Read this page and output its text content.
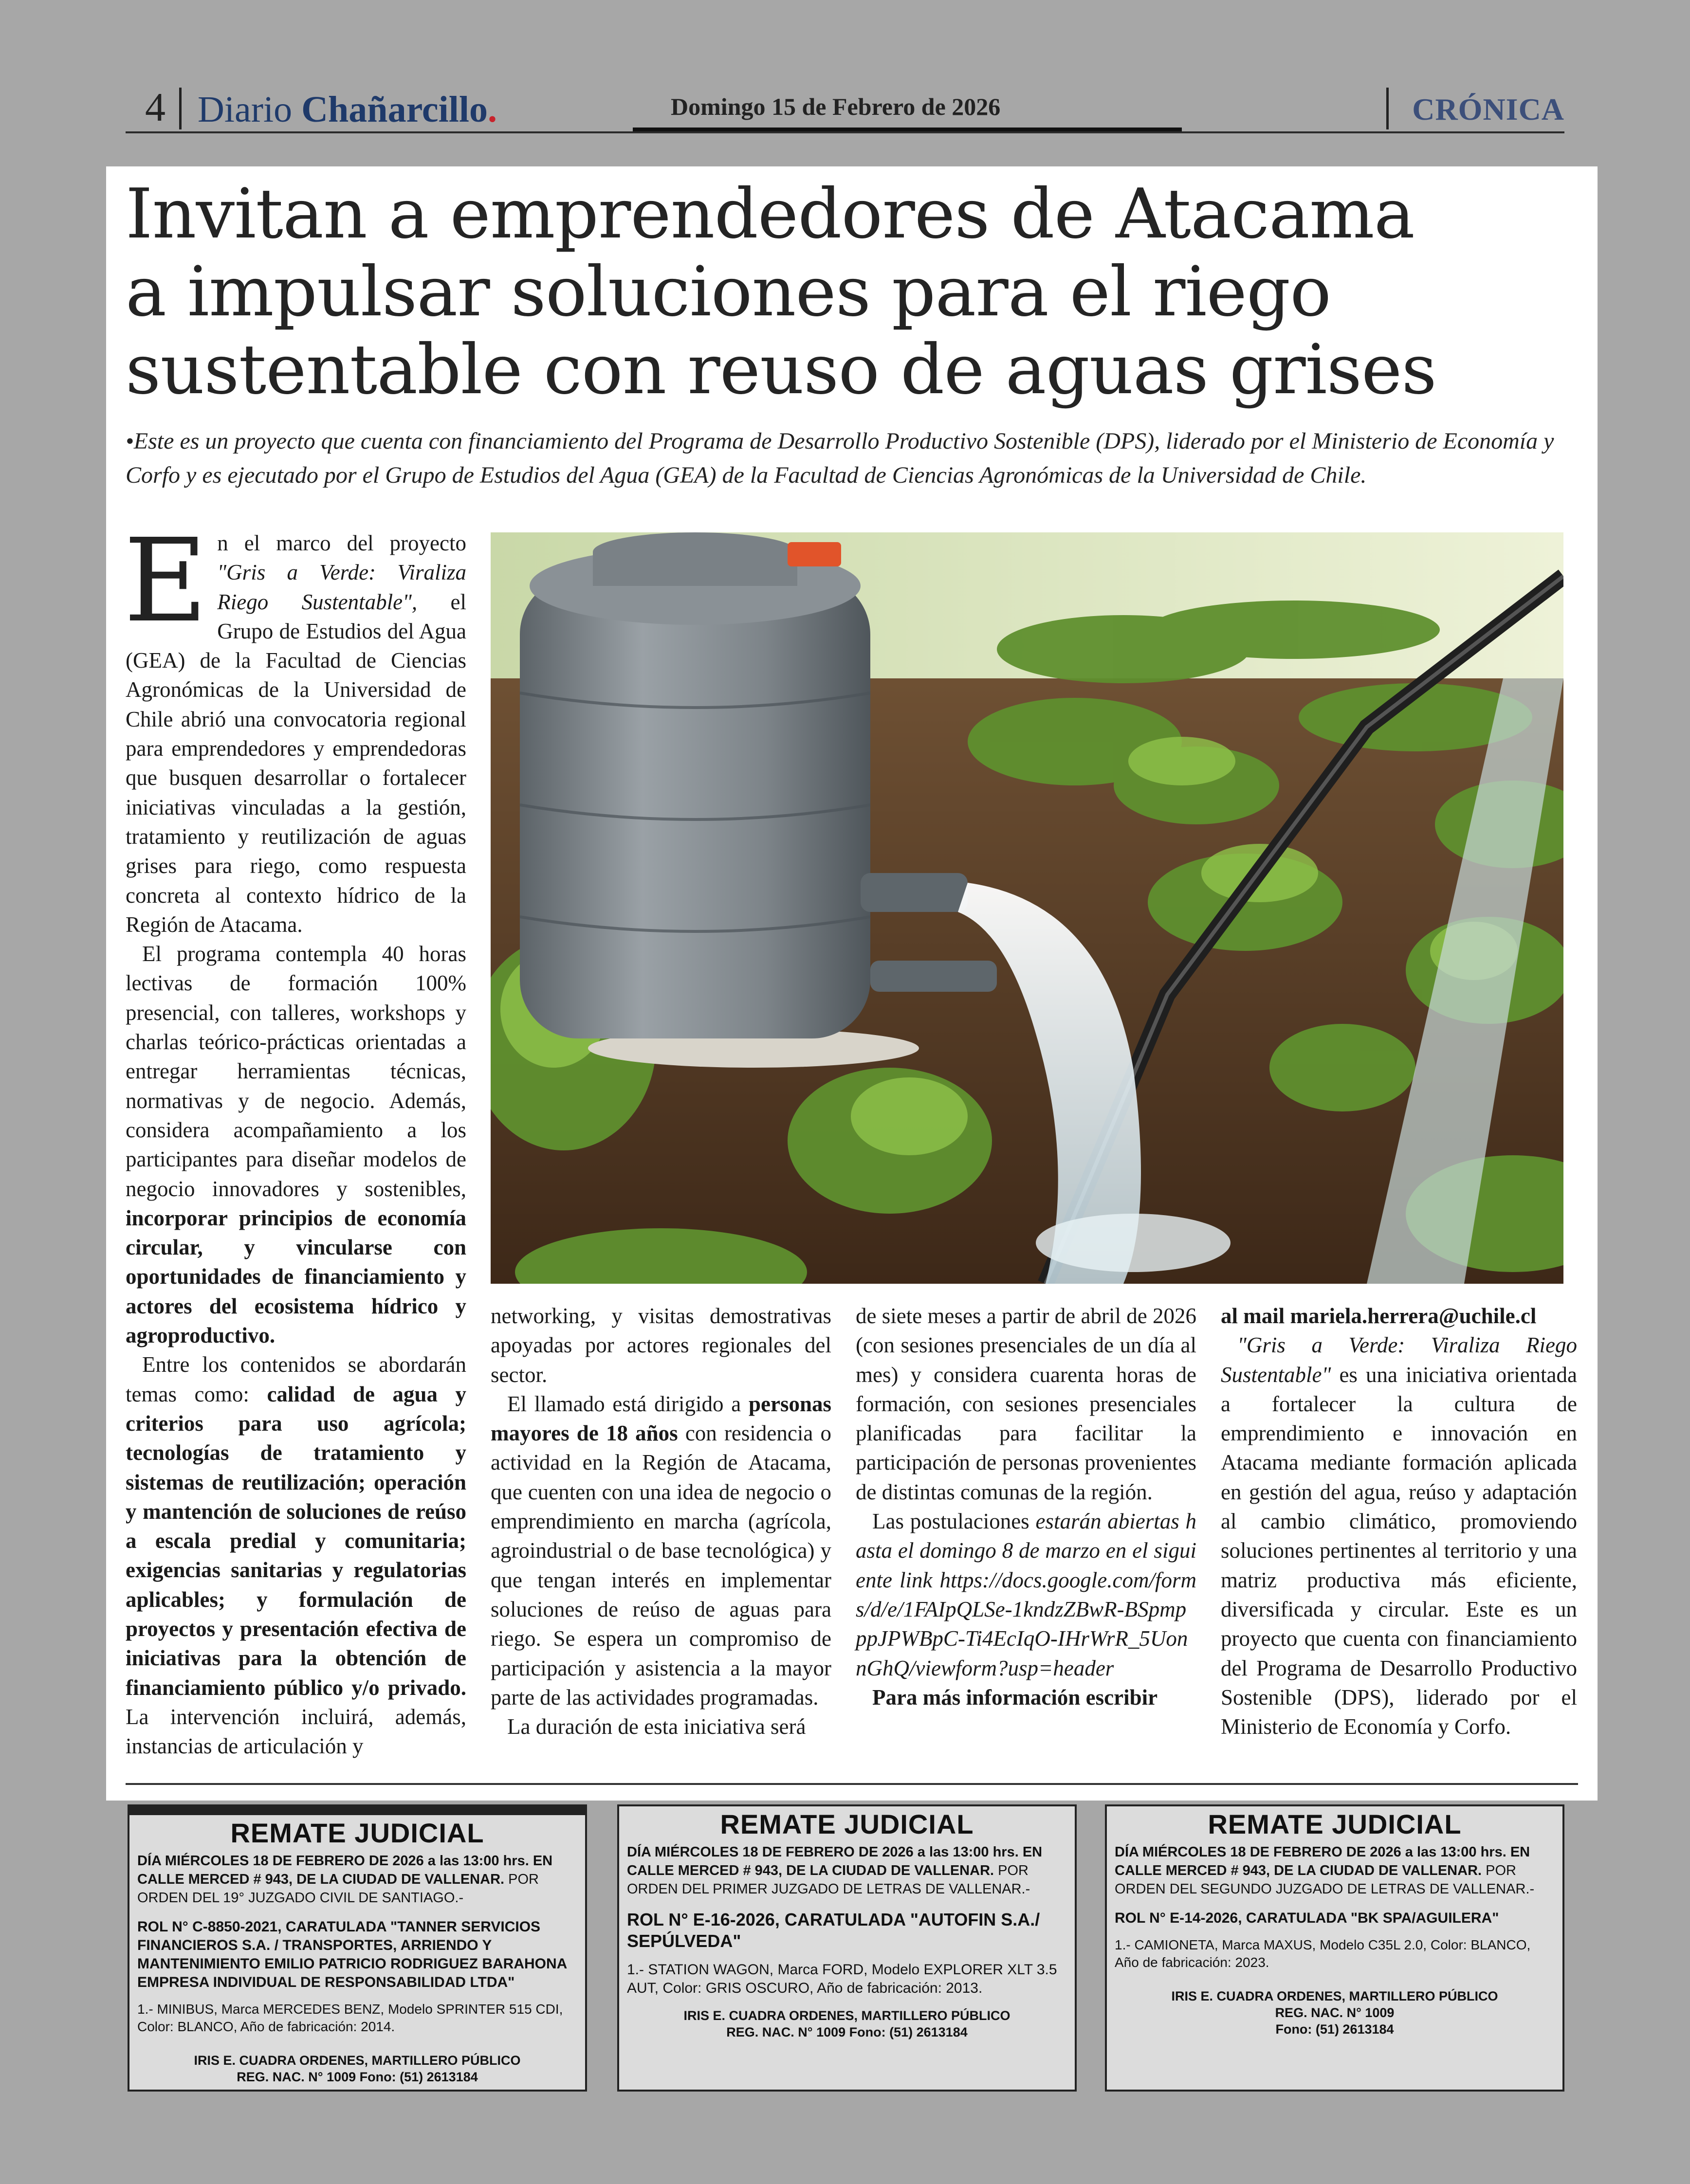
4 Diario Chañarcillo.	Domingo 15 de Febrero de 2026	CRÓNICA
Invitan a emprendedores de Atacama
a impulsar soluciones para el riego
sustentable con reuso de aguas grises

•Este es un proyecto que cuenta con financiamiento del Programa de Desarrollo Productivo Sostenible (DPS), liderado por el Ministerio de Economía y Corfo y es ejecutado por el Grupo de Estudios del Agua (GEA) de la Facultad de Ciencias Agronómicas de la Universidad de Chile.

En el marco del proyecto "Gris a Verde: Viraliza Riego Sustentable", el Grupo de Estudios del Agua (GEA) de la Facultad de Ciencias Agronómicas de la Universidad de Chile abrió una convocatoria regional para emprendedores y emprendedoras que busquen desarrollar o fortalecer iniciativas vinculadas a la gestión, tratamiento y reutilización de aguas grises para riego, como respuesta concreta al contexto hídrico de la Región de Atacama.

El programa contempla 40 horas lectivas de formación 100% presencial, con talleres, workshops y charlas teórico-prácticas orientadas a entregar herramientas técnicas, normativas y de negocio. Además, considera acompañamiento a los participantes para diseñar modelos de negocio innovadores y sostenibles, incorporar principios de economía circular, y vincularse con oportunidades de financiamiento y actores del ecosistema hídrico y agroproductivo.

Entre los contenidos se abordarán temas como: calidad de agua y criterios para uso agrícola; tecnologías de tratamiento y sistemas de reutilización; operación y mantención de soluciones de reúso a escala predial y comunitaria; exigencias sanitarias y regulatorias aplicables; y formulación de proyectos y presentación efectiva de iniciativas para la obtención de financiamiento público y/o privado. La intervención incluirá, además, instancias de articulación y

networking, y visitas demostrativas apoyadas por actores regionales del sector.

El llamado está dirigido a personas mayores de 18 años con residencia o actividad en la Región de Atacama, que cuenten con una idea de negocio o emprendimiento en marcha (agrícola, agroindustrial o de base tecnológica) y que tengan interés en implementar soluciones de reúso de aguas para riego. Se espera un compromiso de participación y asistencia a la mayor parte de las actividades programadas.

La duración de esta iniciativa será

de siete meses a partir de abril de 2026 (con sesiones presenciales de un día al mes) y considera cuarenta horas de formación, con sesiones presenciales planificadas para facilitar la participación de personas provenientes de distintas comunas de la región.

Las postulaciones estarán abiertas hasta el domingo 8 de marzo en el siguiente link https://docs.google.com/forms/d/e/1FAIpQLSe-1kndzZBwR-BSpmpppJPWBpC-Ti4EcIqO-IHrWrR_5UonnGhQ/viewform?usp=header

Para más información escribir

al mail mariela.herrera@uchile.cl

"Gris a Verde: Viraliza Riego Sustentable" es una iniciativa orientada a fortalecer la cultura de emprendimiento e innovación en Atacama mediante formación aplicada en gestión del agua, reúso y adaptación al cambio climático, promoviendo soluciones pertinentes al territorio y una matriz productiva más eficiente, diversificada y circular. Este es un proyecto que cuenta con financiamiento del Programa de Desarrollo Productivo Sostenible (DPS), liderado por el Ministerio de Economía y Corfo.

REMATE JUDICIAL
DÍA MIÉRCOLES 18 DE FEBRERO DE 2026 a las 13:00 hrs. EN CALLE MERCED # 943, DE LA CIUDAD DE VALLENAR. POR ORDEN DEL 19° JUZGADO CIVIL DE SANTIAGO.-
ROL N° C-8850-2021, CARATULADA "TANNER SERVICIOS FINANCIEROS S.A. / TRANSPORTES, ARRIENDO Y MANTENIMIENTO EMILIO PATRICIO RODRIGUEZ BARAHONA EMPRESA INDIVIDUAL DE RESPONSABILIDAD LTDA"
1.- MINIBUS, Marca MERCEDES BENZ, Modelo SPRINTER 515 CDI, Color: BLANCO, Año de fabricación: 2014.
IRIS E. CUADRA ORDENES, MARTILLERO PÚBLICO
REG. NAC. N° 1009 Fono: (51) 2613184
REMATE JUDICIAL
DÍA MIÉRCOLES 18 DE FEBRERO DE 2026 a las 13:00 hrs. EN CALLE MERCED # 943, DE LA CIUDAD DE VALLENAR. POR ORDEN DEL PRIMER JUZGADO DE LETRAS DE VALLENAR.-
ROL N° E-16-2026, CARATULADA "AUTOFIN S.A./ SEPÚLVEDA"
1.- STATION WAGON, Marca FORD, Modelo EXPLORER XLT 3.5 AUT, Color: GRIS OSCURO, Año de fabricación: 2013.
IRIS E. CUADRA ORDENES, MARTILLERO PÚBLICO
REG. NAC. N° 1009 Fono: (51) 2613184
REMATE JUDICIAL
DÍA MIÉRCOLES 18 DE FEBRERO DE 2026 a las 13:00 hrs. EN CALLE MERCED # 943, DE LA CIUDAD DE VALLENAR. POR ORDEN DEL SEGUNDO JUZGADO DE LETRAS DE VALLENAR.-
ROL N° E-14-2026, CARATULADA "BK SPA/AGUILERA"
1.- CAMIONETA, Marca MAXUS, Modelo C35L 2.0, Color: BLANCO, Año de fabricación: 2023.
IRIS E. CUADRA ORDENES, MARTILLERO PÚBLICO
REG. NAC. N° 1009
Fono: (51) 2613184
